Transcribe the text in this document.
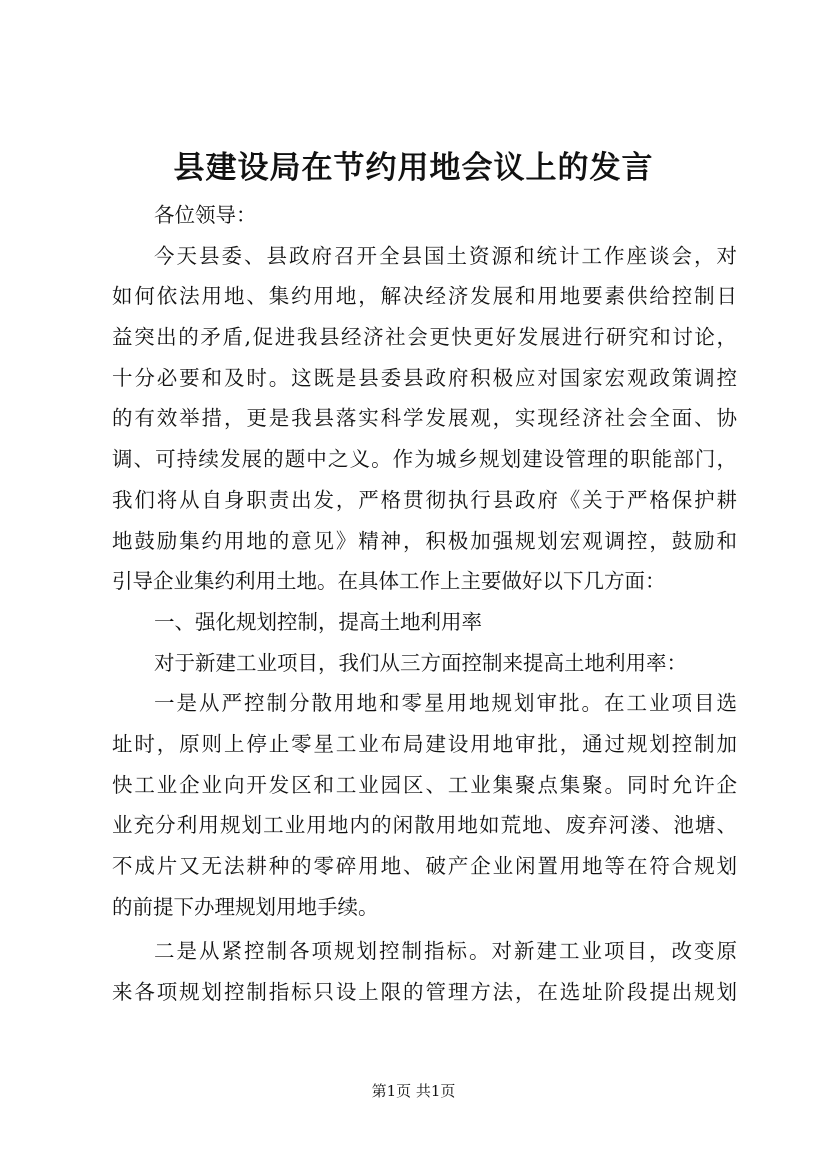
县建设局在节约用地会议上的发言
各位领导：
今天县委、县政府召开全县国土资源和统计工作座谈会，对
如何依法用地、集约用地，解决经济发展和用地要素供给控制日
益突出的矛盾,促进我县经济社会更快更好发展进行研究和讨论，
十分必要和及时。这既是县委县政府积极应对国家宏观政策调控
的有效举措，更是我县落实科学发展观，实现经济社会全面、协
调、可持续发展的题中之义。作为城乡规划建设管理的职能部门，
我们将从自身职责出发，严格贯彻执行县政府《关于严格保护耕
地鼓励集约用地的意见》精神，积极加强规划宏观调控，鼓励和
引导企业集约利用土地。在具体工作上主要做好以下几方面：
一、强化规划控制，提高土地利用率
对于新建工业项目，我们从三方面控制来提高土地利用率：
一是从严控制分散用地和零星用地规划审批。在工业项目选
址时，原则上停止零星工业布局建设用地审批，通过规划控制加
快工业企业向开发区和工业园区、工业集聚点集聚。同时允许企
业充分利用规划工业用地内的闲散用地如荒地、废弃河溇、池塘、
不成片又无法耕种的零碎用地、破产企业闲置用地等在符合规划
的前提下办理规划用地手续。
二是从紧控制各项规划控制指标。对新建工业项目，改变原
来各项规划控制指标只设上限的管理方法，在选址阶段提出规划
第1页 共1页
